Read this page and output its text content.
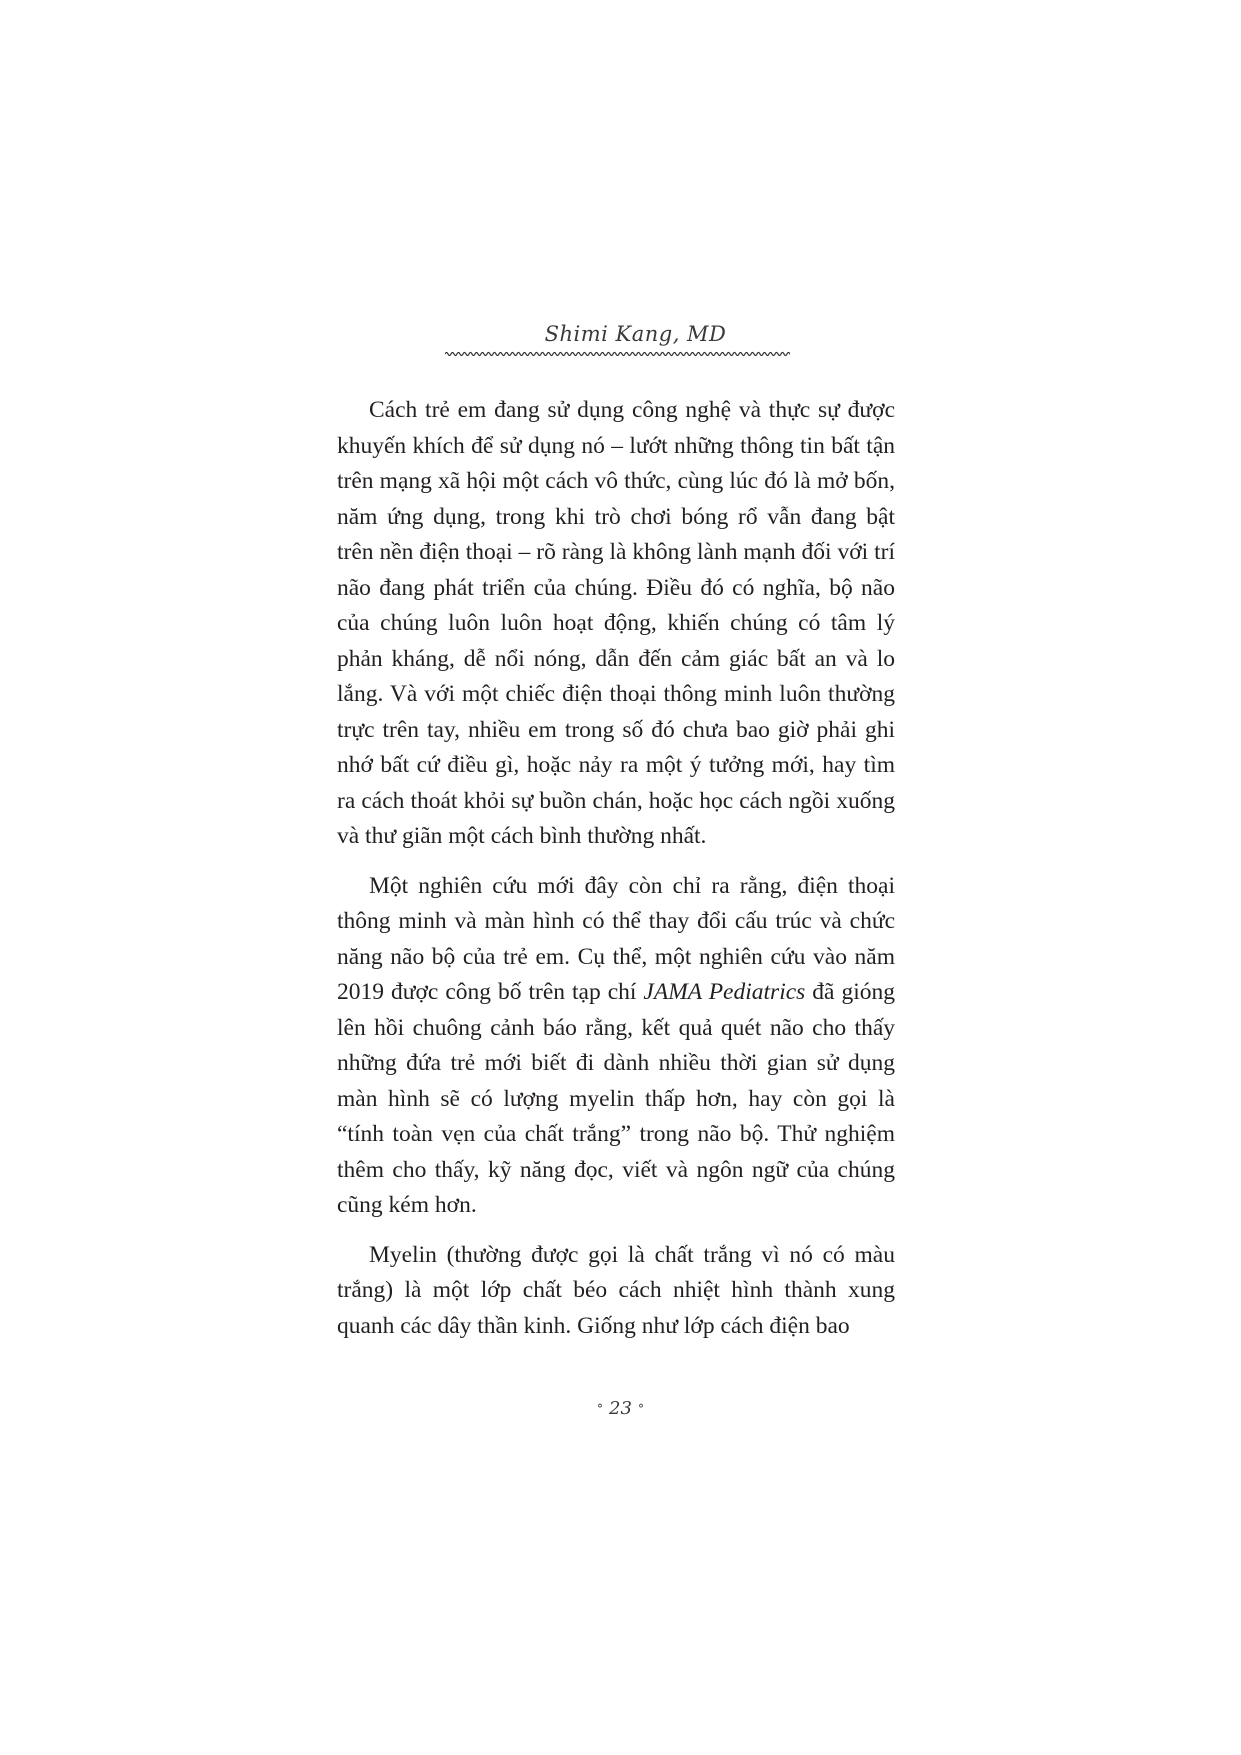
Shimi Kang, MD

Cách trẻ em đang sử dụng công nghệ và thực sự được khuyến khích để sử dụng nó – lướt những thông tin bất tận trên mạng xã hội một cách vô thức, cùng lúc đó là mở bốn, năm ứng dụng, trong khi trò chơi bóng rổ vẫn đang bật trên nền điện thoại – rõ ràng là không lành mạnh đối với trí não đang phát triển của chúng. Điều đó có nghĩa, bộ não của chúng luôn luôn hoạt động, khiến chúng có tâm lý phản kháng, dễ nổi nóng, dẫn đến cảm giác bất an và lo lắng. Và với một chiếc điện thoại thông minh luôn thường trực trên tay, nhiều em trong số đó chưa bao giờ phải ghi nhớ bất cứ điều gì, hoặc nảy ra một ý tưởng mới, hay tìm ra cách thoát khỏi sự buồn chán, hoặc học cách ngồi xuống và thư giãn một cách bình thường nhất.

Một nghiên cứu mới đây còn chỉ ra rằng, điện thoại thông minh và màn hình có thể thay đổi cấu trúc và chức năng não bộ của trẻ em. Cụ thể, một nghiên cứu vào năm 2019 được công bố trên tạp chí JAMA Pediatrics đã gióng lên hồi chuông cảnh báo rằng, kết quả quét não cho thấy những đứa trẻ mới biết đi dành nhiều thời gian sử dụng màn hình sẽ có lượng myelin thấp hơn, hay còn gọi là “tính toàn vẹn của chất trắng” trong não bộ. Thử nghiệm thêm cho thấy, kỹ năng đọc, viết và ngôn ngữ của chúng cũng kém hơn.

Myelin (thường được gọi là chất trắng vì nó có màu trắng) là một lớp chất béo cách nhiệt hình thành xung quanh các dây thần kinh. Giống như lớp cách điện bao

° 23 °
